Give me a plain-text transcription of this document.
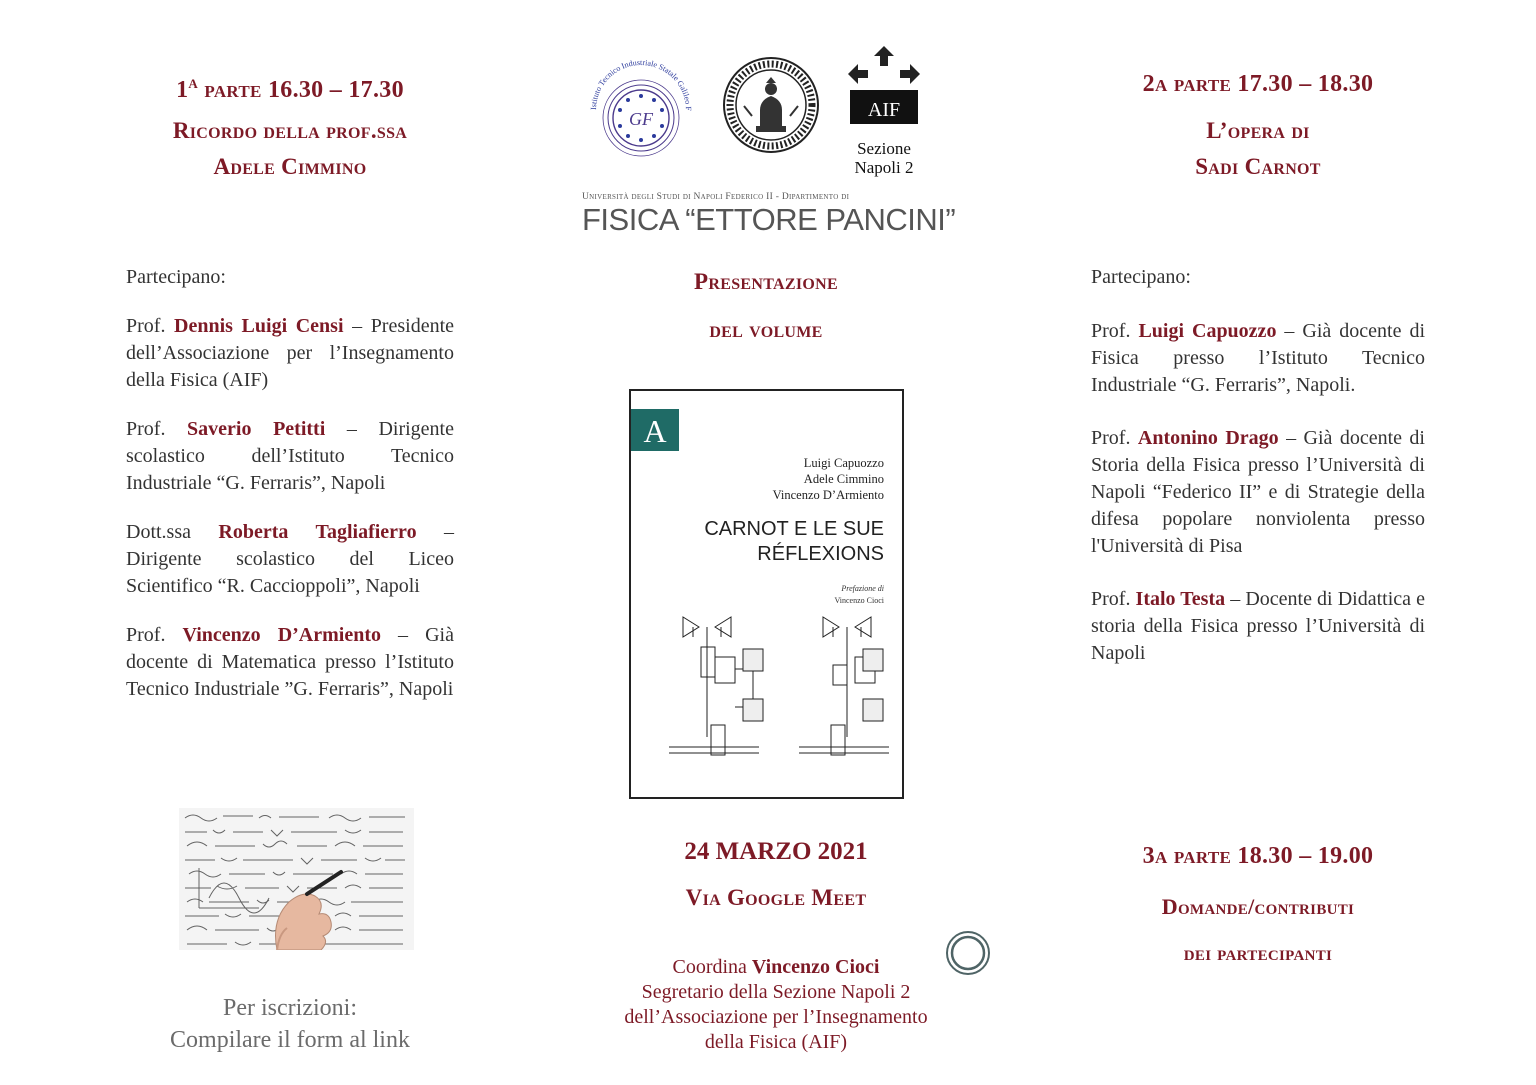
$1^A$ parte 16.30 – 17.30
Ricordo della prof.ssa
Adele Cimmino
Partecipano:

Prof. Dennis Luigi Censi – Presidente dell’Associazione per l’Insegnamento della Fisica (AIF)

Prof. Saverio Petitti – Dirigente scolastico dell’Istituto Tecnico Industriale “G. Ferraris”, Napoli

Dott.ssa Roberta Tagliafierro – Dirigente scolastico del Liceo Scientifico “R. Caccioppoli”, Napoli

Prof. Vincenzo D’Armiento – Già docente di Matematica presso l’Istituto Tecnico Industriale ”G. Ferraris”, Napoli

Per iscrizioni:
Compilare il form al link
GF
Istituto Tecnico Industriale Statale Galileo F	AIF
Sezione
Napoli 2
Università degli Studi di Napoli Federico II - Dipartimento di
FISICA “ETTORE PANCINI”
Presentazione
del volume
A
Luigi Capuozzo
Adele Cimmino
Vincenzo D’Armiento
CARNOT E LE SUE
RÉFLEXIONS
Prefazione di
Vincenzo Cioci
24 MARZO 2021
Via Google Meet
Coordina Vincenzo Cioci
Segretario della Sezione Napoli 2
dell’Associazione per l’Insegnamento
della Fisica (AIF)
2a parte 17.30 – 18.30
L’opera di
Sadi Carnot
Partecipano:

Prof. Luigi Capuozzo – Già docente di Fisica presso l’Istituto Tecnico Industriale “G. Ferraris”, Napoli.

Prof. Antonino Drago – Già docente di Storia della Fisica presso l’Università di Napoli “Federico II” e di Strategie della difesa popolare nonviolenta presso l'Università di Pisa

Prof. Italo Testa – Docente di Didattica e storia della Fisica presso l’Università di Napoli

3a parte 18.30 – 19.00
Domande/contributi
dei partecipanti
